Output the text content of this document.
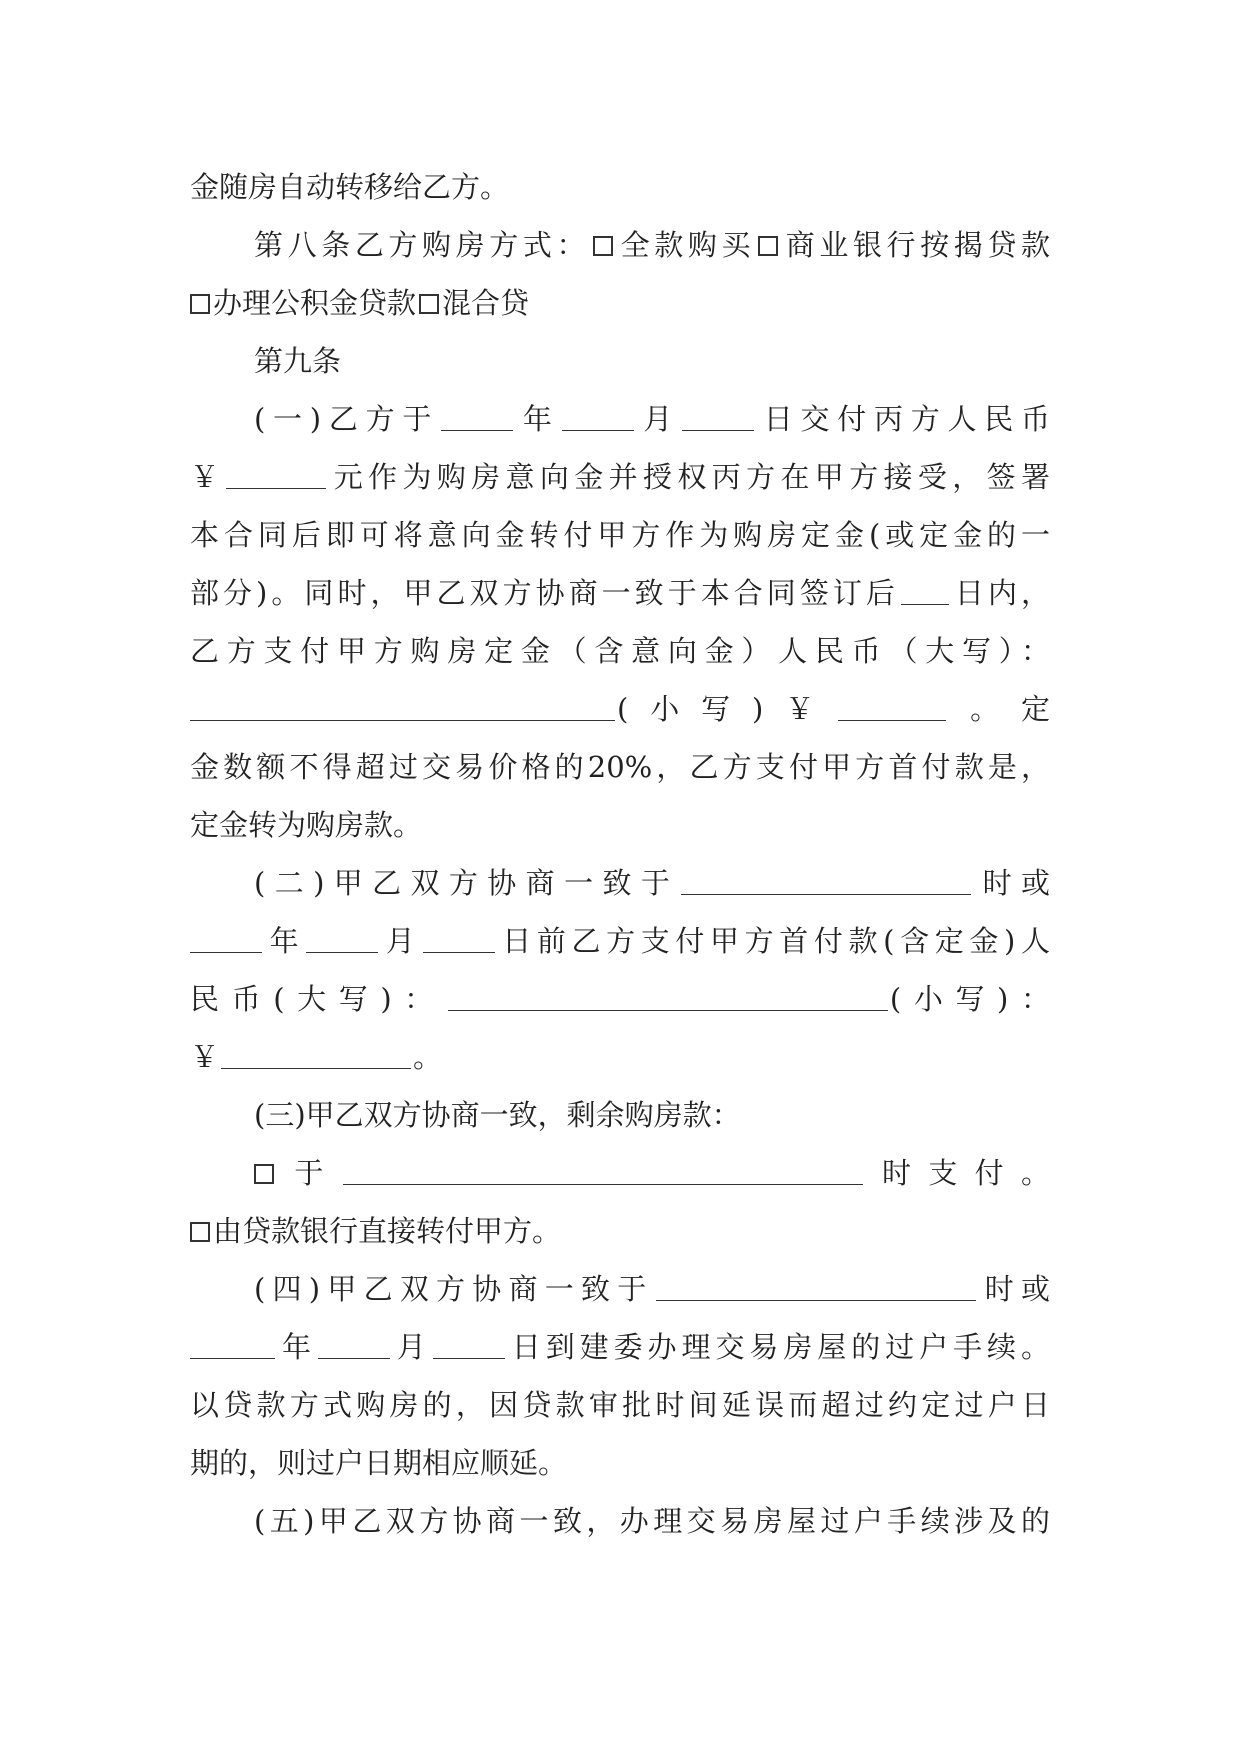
金随房自动转移给乙方。
第八条乙方购房方式： 全款购买 商业银行按揭贷款
办理公积金贷款 混合贷
第九条
(一)乙方于	年	月	日交付丙方人民币
￥	元作为购房意向金并授权丙方在甲方接受，签署
本合同后即可将意向金转付甲方作为购房定金(或定金的一
部分)。同时，甲乙双方协商一致于本合同签订后 日内，
乙方支付甲方购房定金（含意向金）人民币（大写）：
(小写)￥	。定
金数额不得超过交易价格的20%，乙方支付甲方首付款是，
定金转为购房款。
(二)甲乙双方协商一致于	时或
年	月	日前乙方支付甲方首付款(含定金)人
民币(大写)：	(小写)：
￥	。
(三)甲乙双方协商一致，剩余购房款：
于	时支付。
由贷款银行直接转付甲方。
(四)甲乙双方协商一致于	时或
年	月	日到建委办理交易房屋的过户手续。
以贷款方式购房的，因贷款审批时间延误而超过约定过户日
期的，则过户日期相应顺延。
(五)甲乙双方协商一致，办理交易房屋过户手续涉及的
